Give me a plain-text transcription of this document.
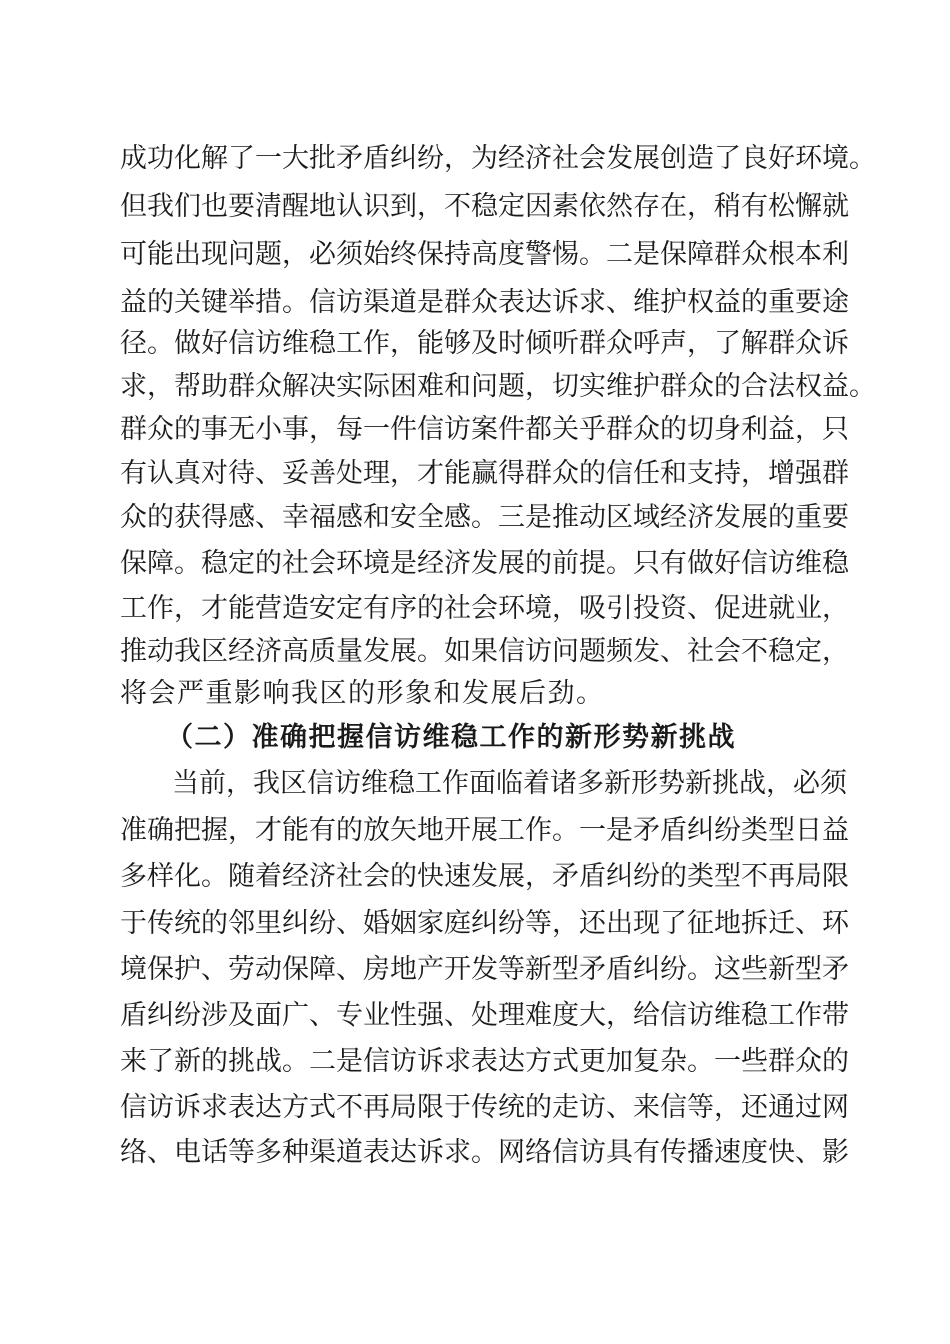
成功化解了一大批矛盾纠纷，为经济社会发展创造了良好环境。
但我们也要清醒地认识到，不稳定因素依然存在，稍有松懈就
可能出现问题，必须始终保持高度警惕。二是保障群众根本利
益的关键举措。信访渠道是群众表达诉求、维护权益的重要途
径。做好信访维稳工作，能够及时倾听群众呼声，了解群众诉
求，帮助群众解决实际困难和问题，切实维护群众的合法权益。
群众的事无小事，每一件信访案件都关乎群众的切身利益，只
有认真对待、妥善处理，才能赢得群众的信任和支持，增强群
众的获得感、幸福感和安全感。三是推动区域经济发展的重要
保障。稳定的社会环境是经济发展的前提。只有做好信访维稳
工作，才能营造安定有序的社会环境，吸引投资、促进就业，
推动我区经济高质量发展。如果信访问题频发、社会不稳定，
将会严重影响我区的形象和发展后劲。
（二）准确把握信访维稳工作的新形势新挑战
当前，我区信访维稳工作面临着诸多新形势新挑战，必须
准确把握，才能有的放矢地开展工作。一是矛盾纠纷类型日益
多样化。随着经济社会的快速发展，矛盾纠纷的类型不再局限
于传统的邻里纠纷、婚姻家庭纠纷等，还出现了征地拆迁、环
境保护、劳动保障、房地产开发等新型矛盾纠纷。这些新型矛
盾纠纷涉及面广、专业性强、处理难度大，给信访维稳工作带
来了新的挑战。二是信访诉求表达方式更加复杂。一些群众的
信访诉求表达方式不再局限于传统的走访、来信等，还通过网
络、电话等多种渠道表达诉求。网络信访具有传播速度快、影
